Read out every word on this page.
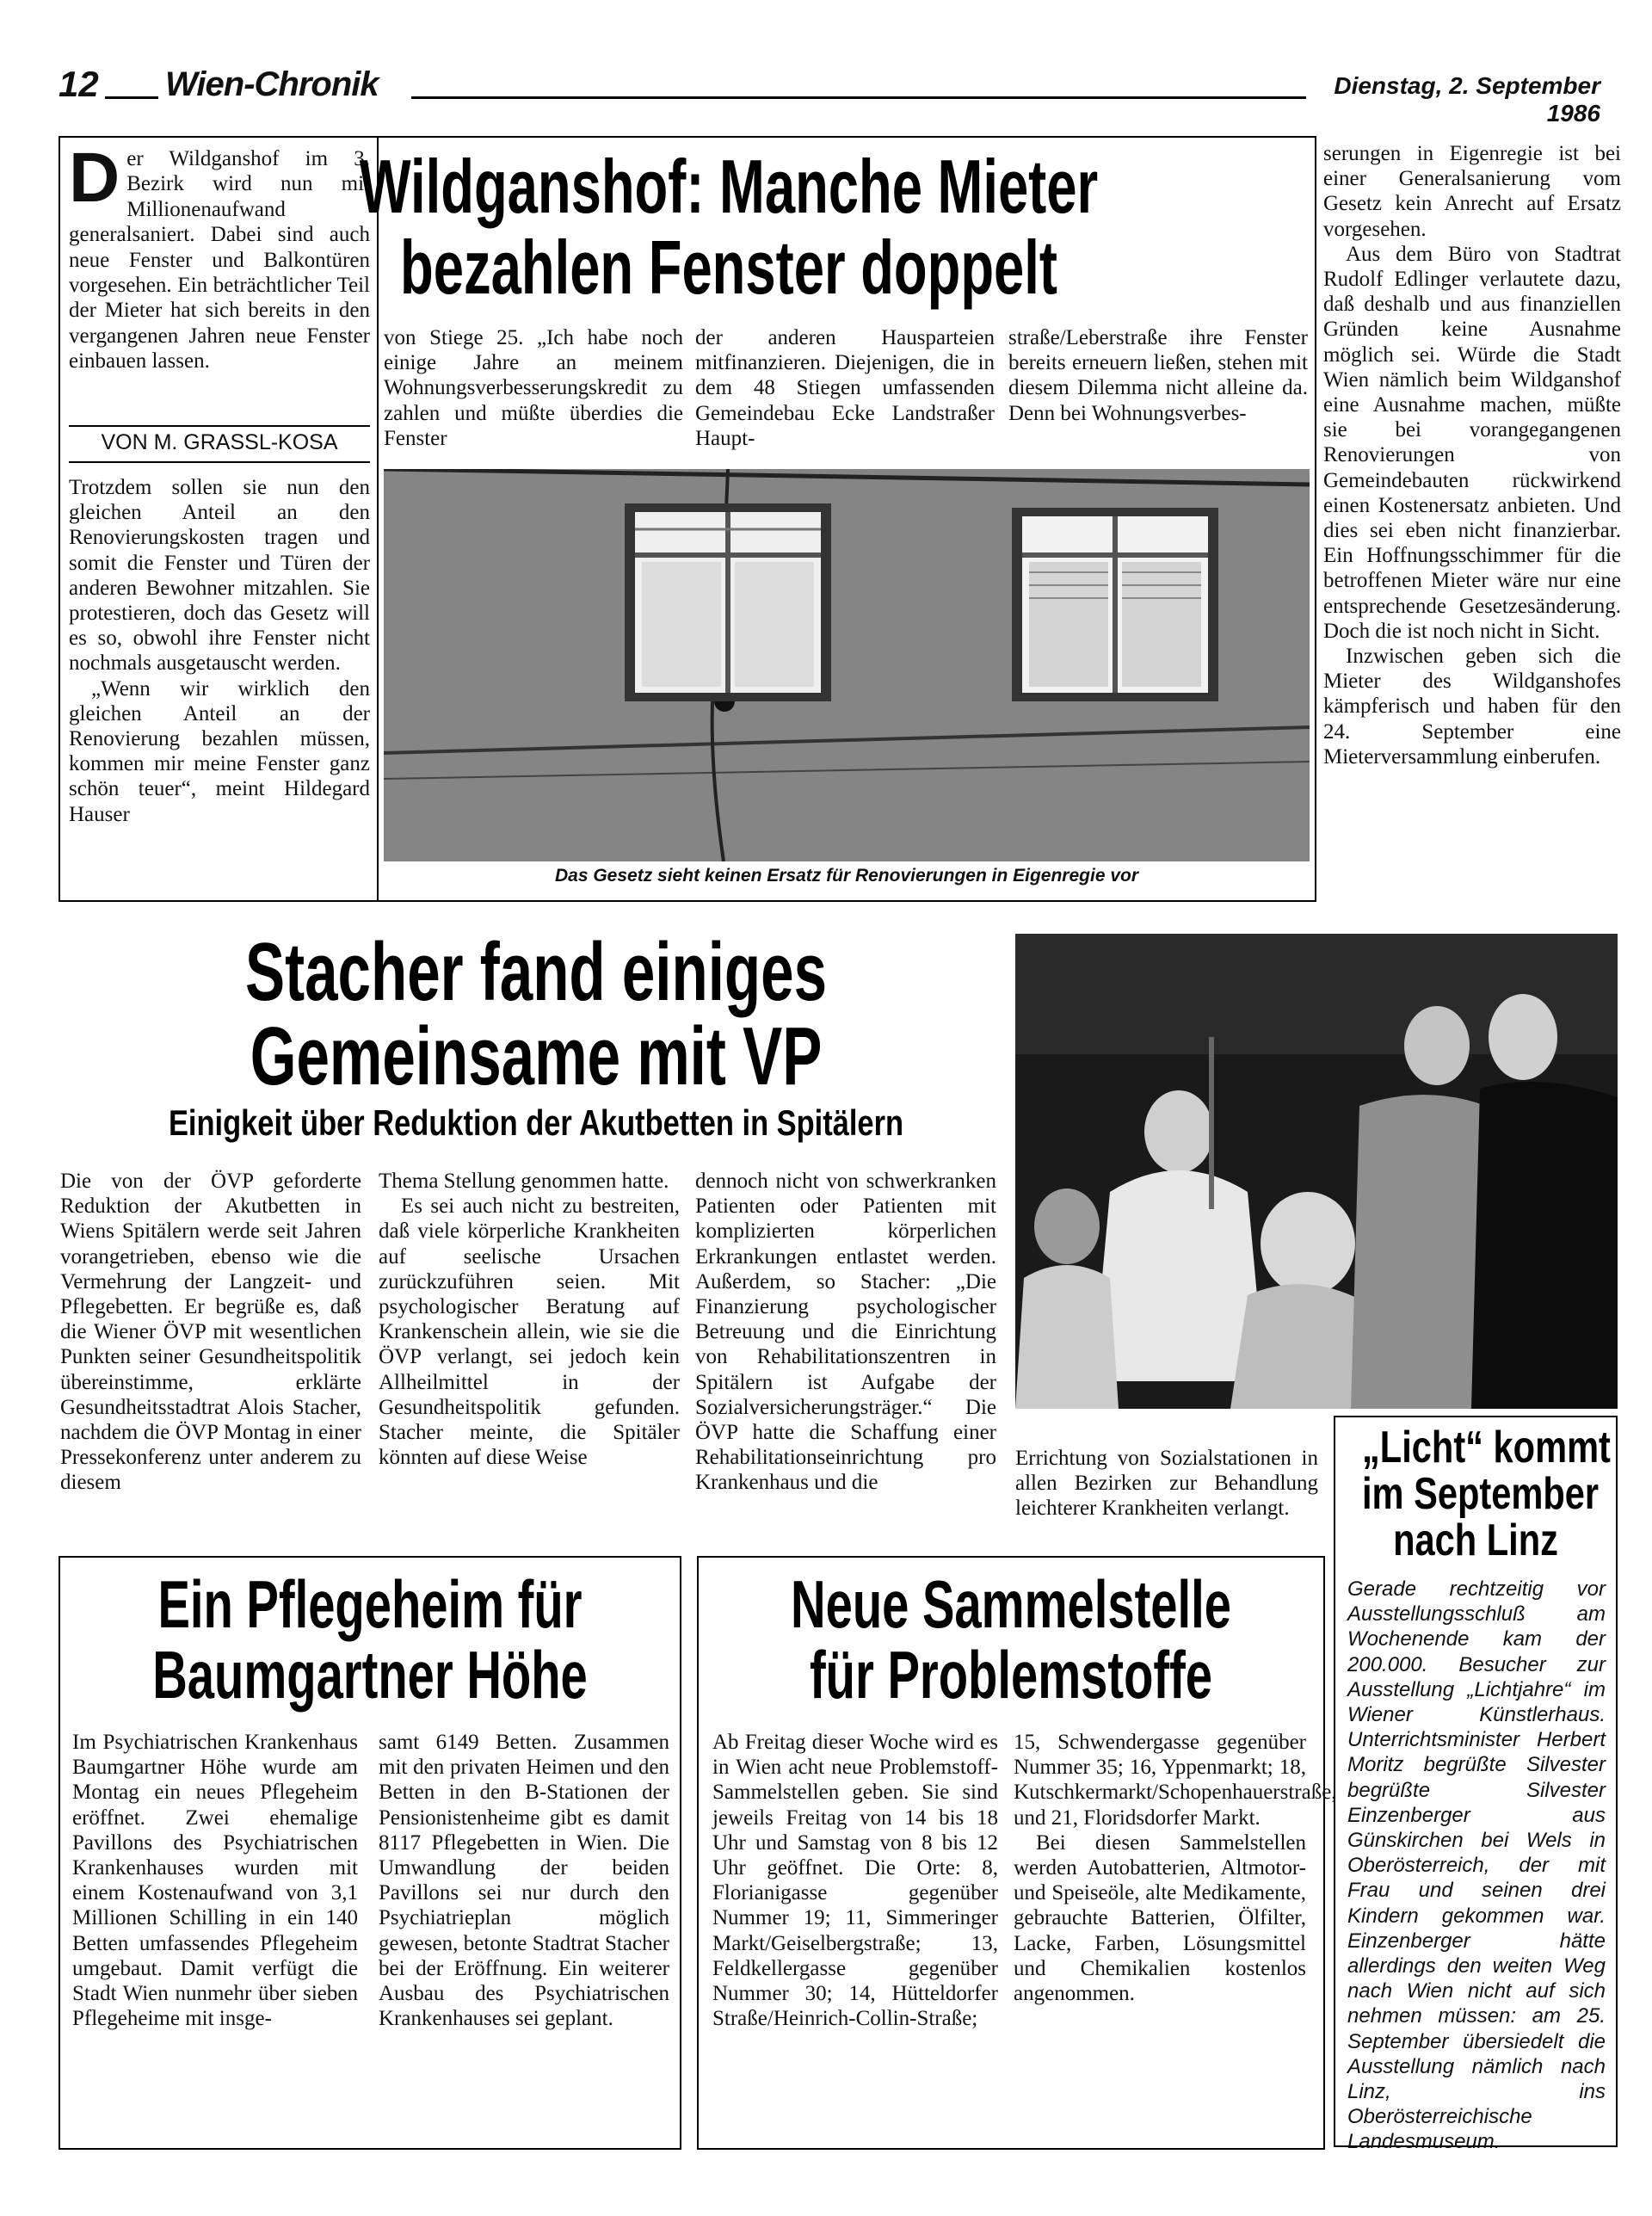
12 Wien-Chronik	Dienstag, 2. September 1986
D er Wildganshof im 3. Bezirk wird nun mit Millionenaufwand generalsaniert. Dabei sind auch neue Fenster und Balkontüren vorgesehen. Ein beträchtlicher Teil der Mieter hat sich bereits in den vergangenen Jahren neue Fenster einbauen lassen.
VON M. GRASSL-KOSA

Trotzdem sollen sie nun den gleichen Anteil an den Renovierungskosten tragen und somit die Fenster und Türen der anderen Bewohner mitzahlen. Sie protestieren, doch das Gesetz will es so, obwohl ihre Fenster nicht nochmals ausgetauscht werden.

„Wenn wir wirklich den gleichen Anteil an der Renovierung bezahlen müssen, kommen mir meine Fenster ganz schön teuer“, meint Hildegard Hauser

Wildganshof: Manche Mieter bezahlen Fenster doppelt
von Stiege 25. „Ich habe noch einige Jahre an meinem Wohnungsverbesserungskredit zu zahlen und müßte überdies die Fenster
der anderen Hausparteien mitfinanzieren. Diejenigen, die in dem 48 Stiegen umfassenden Gemeindebau Ecke Landstraßer Haupt-
straße/Leberstraße ihre Fenster bereits erneuern ließen, stehen mit diesem Dilemma nicht alleine da. Denn bei Wohnungsverbes-
Das Gesetz sieht keinen Ersatz für Renovierungen in Eigenregie vor

serungen in Eigenregie ist bei einer Generalsanierung vom Gesetz kein Anrecht auf Ersatz vorgesehen.

Aus dem Büro von Stadtrat Rudolf Edlinger verlautete dazu, daß deshalb und aus finanziellen Gründen keine Ausnahme möglich sei. Würde die Stadt Wien nämlich beim Wildganshof eine Ausnahme machen, müßte sie bei vorangegangenen Renovierungen von Gemeindebauten rückwirkend einen Kostenersatz anbieten. Und dies sei eben nicht finanzierbar. Ein Hoffnungsschimmer für die betroffenen Mieter wäre nur eine entsprechende Gesetzesänderung. Doch die ist noch nicht in Sicht.

Inzwischen geben sich die Mieter des Wildganshofes kämpferisch und haben für den 24. September eine Mieterversammlung einberufen.

Stacher fand einiges
Gemeinsame mit VP
Einigkeit über Reduktion der Akutbetten in Spitälern
Die von der ÖVP geforderte Reduktion der Akutbetten in Wiens Spitälern werde seit Jahren vorangetrieben, ebenso wie die Vermehrung der Langzeit- und Pflegebetten. Er begrüße es, daß die Wiener ÖVP mit wesentlichen Punkten seiner Gesundheitspolitik übereinstimme, erklärte Gesundheitsstadtrat Alois Stacher, nachdem die ÖVP Montag in einer Pressekonferenz unter anderem zu diesem

Thema Stellung genommen hatte.

Es sei auch nicht zu bestreiten, daß viele körperliche Krankheiten auf seelische Ursachen zurückzuführen seien. Mit psychologischer Beratung auf Krankenschein allein, wie sie die ÖVP verlangt, sei jedoch kein Allheilmittel in der Gesundheitspolitik gefunden. Stacher meinte, die Spitäler könnten auf diese Weise

dennoch nicht von schwerkranken Patienten oder Patienten mit komplizierten körperlichen Erkrankungen entlastet werden. Außerdem, so Stacher: „Die Finanzierung psychologischer Betreuung und die Einrichtung von Rehabilitationszentren in Spitälern ist Aufgabe der Sozialversicherungsträger.“ Die ÖVP hatte die Schaffung einer Rehabilitationseinrichtung pro Krankenhaus und die
Errichtung von Sozialstationen in allen Bezirken zur Behandlung leichterer Krankheiten verlangt.
Ein Pflegeheim für
Baumgartner Höhe
Im Psychiatrischen Krankenhaus Baumgartner Höhe wurde am Montag ein neues Pflegeheim eröffnet. Zwei ehemalige Pavillons des Psychiatrischen Krankenhauses wurden mit einem Kostenaufwand von 3,1 Millionen Schilling in ein 140 Betten umfassendes Pflegeheim umgebaut. Damit verfügt die Stadt Wien nunmehr über sieben Pflegeheime mit insge-
samt 6149 Betten. Zusammen mit den privaten Heimen und den Betten in den B-Stationen der Pensionistenheime gibt es damit 8117 Pflegebetten in Wien. Die Umwandlung der beiden Pavillons sei nur durch den Psychiatrieplan möglich gewesen, betonte Stadtrat Stacher bei der Eröffnung. Ein weiterer Ausbau des Psychiatrischen Krankenhauses sei geplant.
Neue Sammelstelle
für Problemstoffe
Ab Freitag dieser Woche wird es in Wien acht neue Problemstoff-Sammelstellen geben. Sie sind jeweils Freitag von 14 bis 18 Uhr und Samstag von 8 bis 12 Uhr geöffnet. Die Orte: 8, Florianigasse gegenüber Nummer 19; 11, Simmeringer Markt/Geiselbergstraße; 13, Feldkellergasse gegenüber Nummer 30; 14, Hütteldorfer Straße/Heinrich-Collin-Straße;

15, Schwendergasse gegenüber Nummer 35; 16, Yppenmarkt; 18, Kutschkermarkt/Schopenhauerstraße, und 21, Floridsdorfer Markt.

Bei diesen Sammelstellen werden Autobatterien, Altmotor- und Speiseöle, alte Medikamente, gebrauchte Batterien, Ölfilter, Lacke, Farben, Lösungsmittel und Chemikalien kostenlos angenommen.

„Licht“ kommt
im September
nach Linz
Gerade rechtzeitig vor Ausstellungsschluß am Wochenende kam der 200.000. Besucher zur Ausstellung „Lichtjahre“ im Wiener Künstlerhaus. Unterrichtsminister Herbert Moritz begrüßte Silvester begrüßte Silvester Einzenberger aus Günskirchen bei Wels in Oberösterreich, der mit Frau und seinen drei Kindern gekommen war. Einzenberger hätte allerdings den weiten Weg nach Wien nicht auf sich nehmen müssen: am 25. September übersiedelt die Ausstellung nämlich nach Linz, ins Oberösterreichische Landesmuseum.
